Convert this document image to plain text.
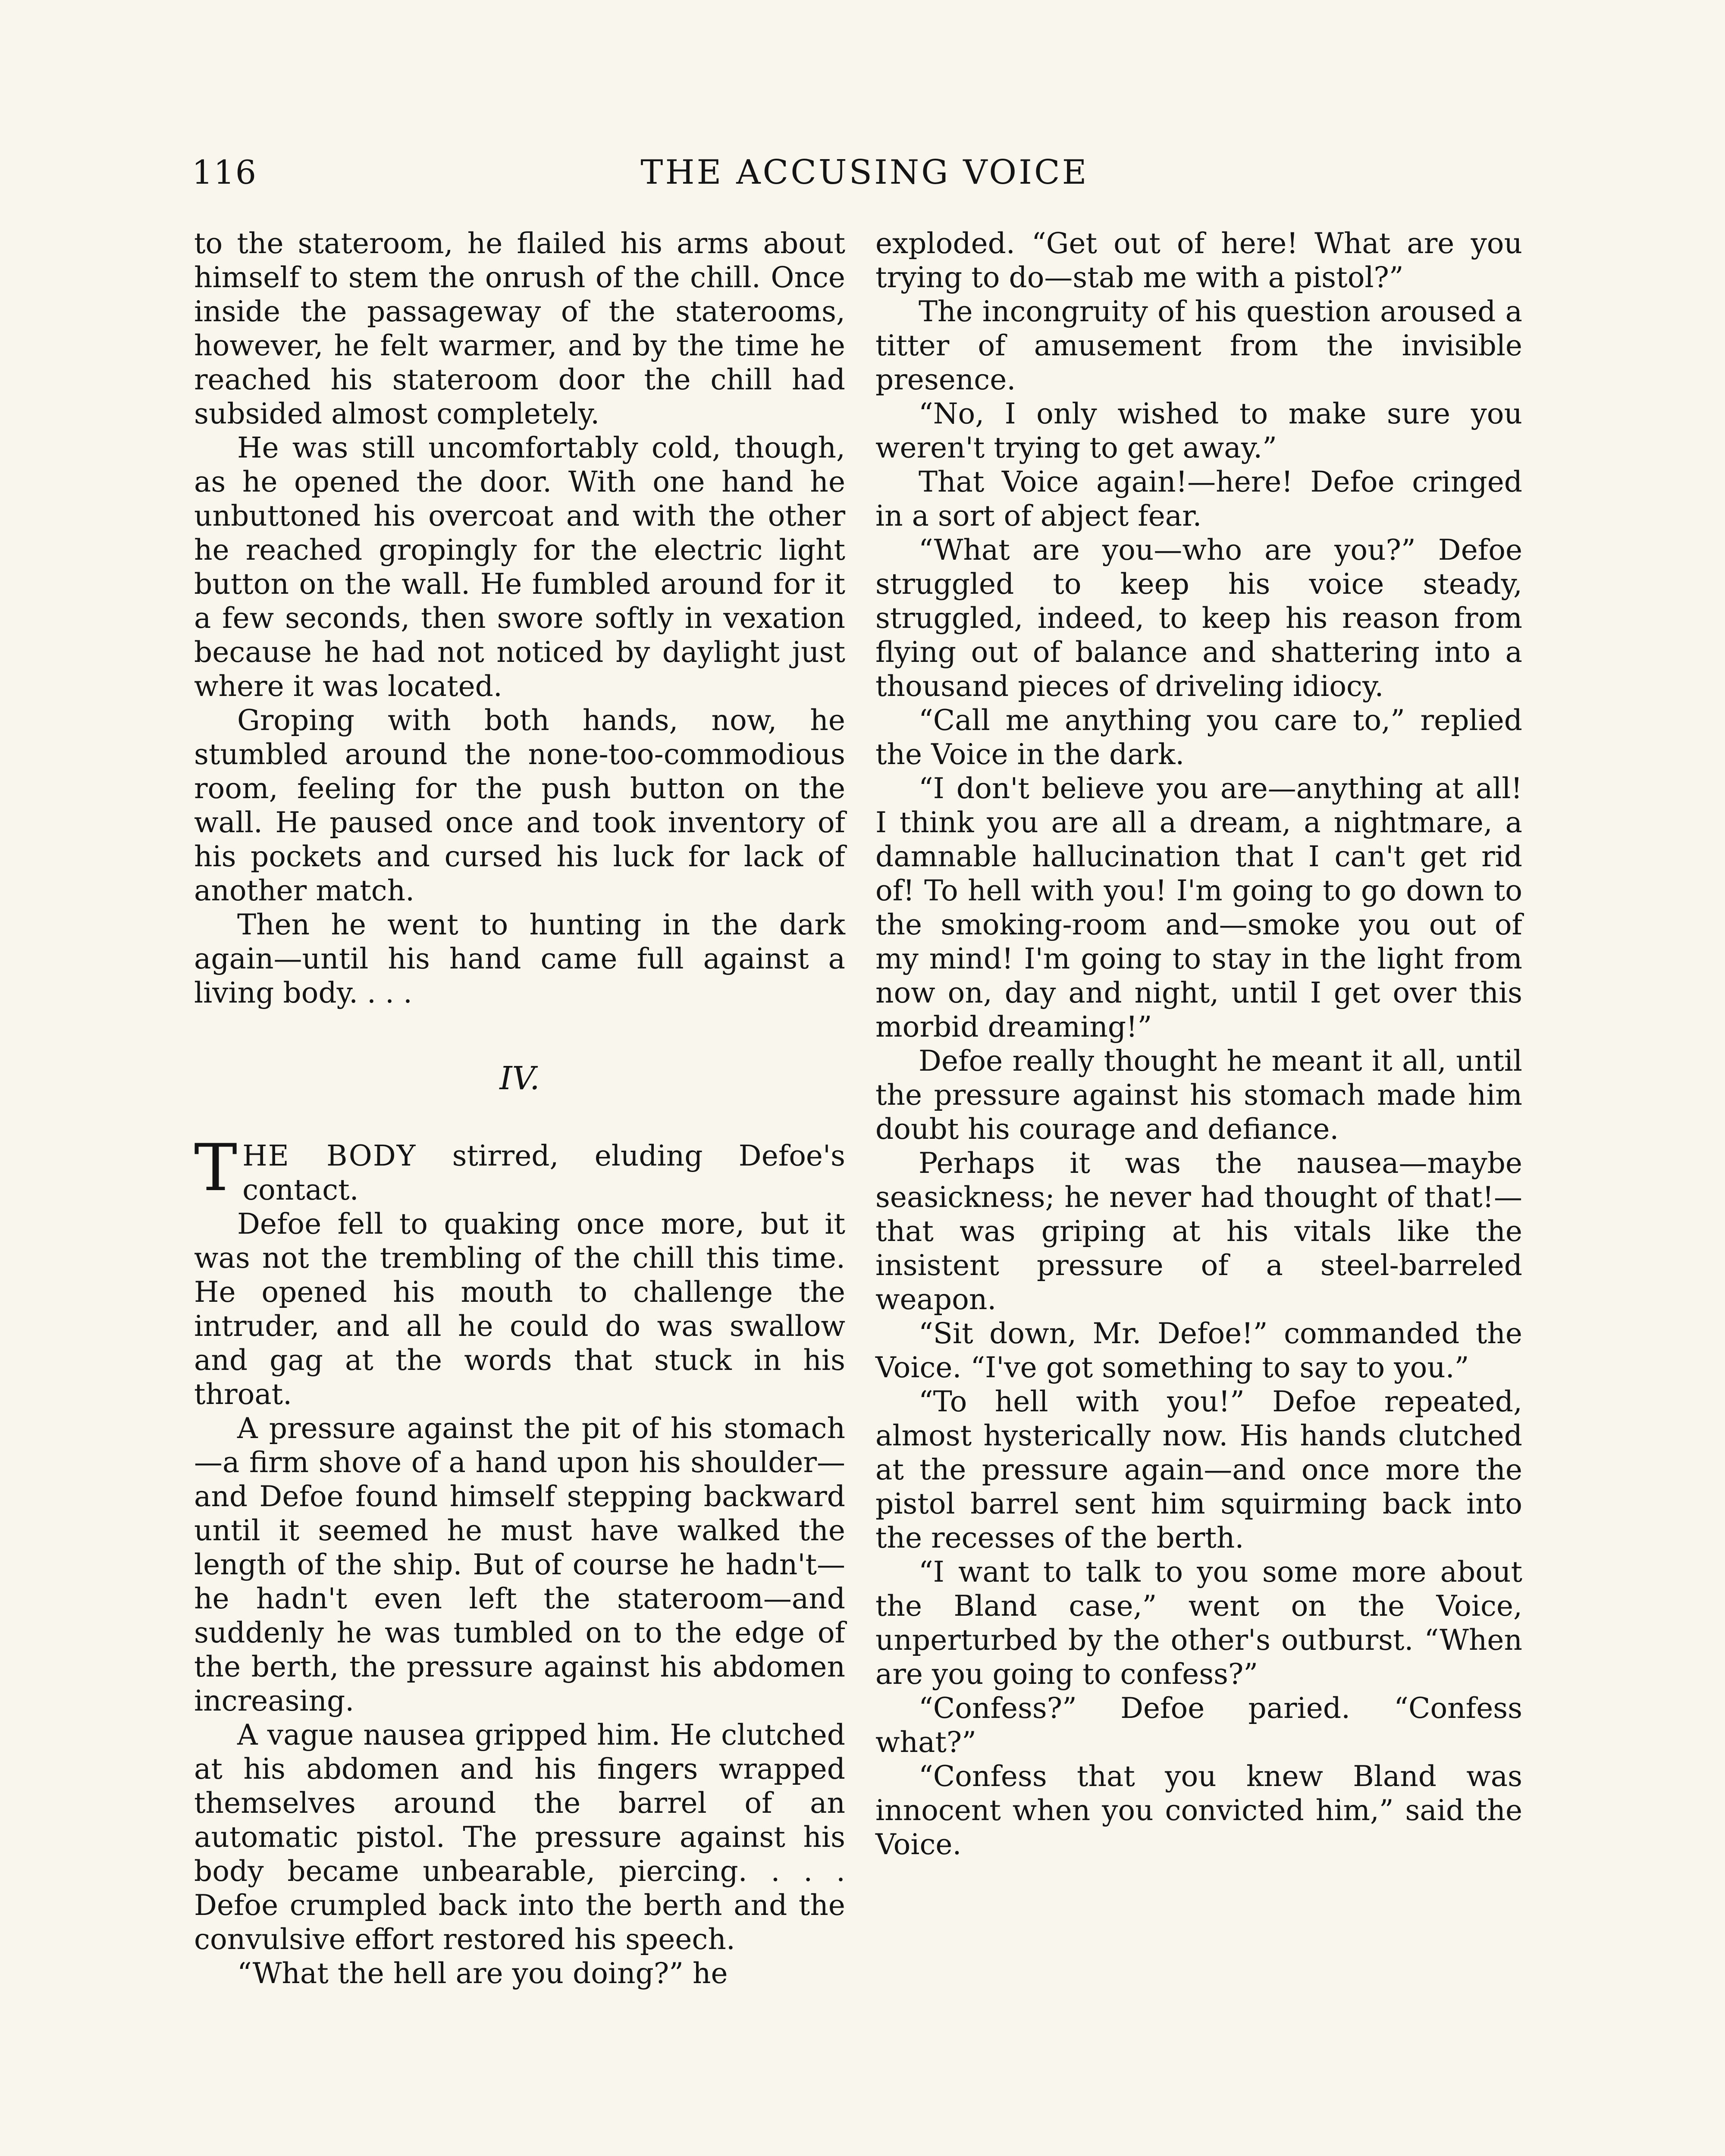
116	THE ACCUSING VOICE

to the stateroom, he flailed his arms about himself to stem the onrush of the chill. Once inside the passageway of the staterooms, however, he felt warmer, and by the time he reached his stateroom door the chill had subsided almost completely.

He was still uncomfortably cold, though, as he opened the door. With one hand he unbuttoned his overcoat and with the other he reached gropingly for the electric light button on the wall. He fumbled around for it a few seconds, then swore softly in vexation because he had not noticed by daylight just where it was located.

Groping with both hands, now, he stumbled around the none-too-commodious room, feeling for the push button on the wall. He paused once and took inventory of his pockets and cursed his luck for lack of another match.

Then he went to hunting in the dark again—until his hand came full against a living body. . . .

IV.

THE BODY stirred, eluding Defoe's contact.

Defoe fell to quaking once more, but it was not the trembling of the chill this time. He opened his mouth to challenge the intruder, and all he could do was swallow and gag at the words that stuck in his throat.

A pressure against the pit of his stomach—a firm shove of a hand upon his shoulder—and Defoe found himself stepping backward until it seemed he must have walked the length of the ship. But of course he hadn't—he hadn't even left the stateroom—and suddenly he was tumbled on to the edge of the berth, the pressure against his abdomen increasing.

A vague nausea gripped him. He clutched at his abdomen and his fingers wrapped themselves around the barrel of an automatic pistol. The pressure against his body became unbearable, piercing. . . . Defoe crumpled back into the berth and the convulsive effort restored his speech.

“What the hell are you doing?” he

exploded. “Get out of here! What are you trying to do—stab me with a pistol?”

The incongruity of his question aroused a titter of amusement from the invisible presence.

“No, I only wished to make sure you weren't trying to get away.”

That Voice again!—here! Defoe cringed in a sort of abject fear.

“What are you—who are you?” Defoe struggled to keep his voice steady, struggled, indeed, to keep his reason from flying out of balance and shattering into a thousand pieces of driveling idiocy.

“Call me anything you care to,” replied the Voice in the dark.

“I don't believe you are—anything at all! I think you are all a dream, a nightmare, a damnable hallucination that I can't get rid of! To hell with you! I'm going to go down to the smoking-room and—smoke you out of my mind! I'm going to stay in the light from now on, day and night, until I get over this morbid dreaming!”

Defoe really thought he meant it all, until the pressure against his stomach made him doubt his courage and defiance.

Perhaps it was the nausea—maybe seasickness; he never had thought of that!—that was griping at his vitals like the insistent pressure of a steel-barreled weapon.

“Sit down, Mr. Defoe!” commanded the Voice. “I've got something to say to you.”

“To hell with you!” Defoe repeated, almost hysterically now. His hands clutched at the pressure again—and once more the pistol barrel sent him squirming back into the recesses of the berth.

“I want to talk to you some more about the Bland case,” went on the Voice, unperturbed by the other's outburst. “When are you going to confess?”

“Confess?” Defoe paried. “Confess what?”

“Confess that you knew Bland was innocent when you convicted him,” said the Voice.
